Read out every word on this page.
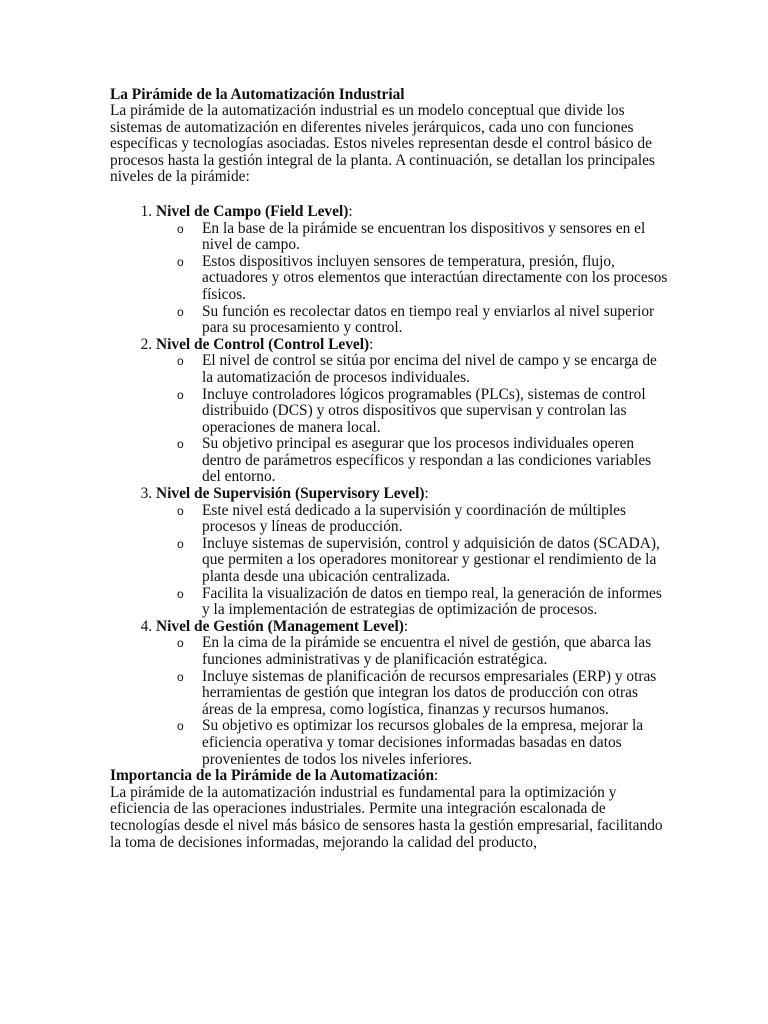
La Pirámide de la Automatización Industrial

La pirámide de la automatización industrial es un modelo conceptual que divide los sistemas de automatización en diferentes niveles jerárquicos, cada uno con funciones específicas y tecnologías asociadas. Estos niveles representan desde el control básico de procesos hasta la gestión integral de la planta. A continuación, se detallan los principales niveles de la pirámide:

1. Nivel de Campo (Field Level):
o En la base de la pirámide se encuentran los dispositivos y sensores en el nivel de campo.
o Estos dispositivos incluyen sensores de temperatura, presión, flujo, actuadores y otros elementos que interactúan directamente con los procesos físicos.
o Su función es recolectar datos en tiempo real y enviarlos al nivel superior para su procesamiento y control.
2. Nivel de Control (Control Level):
o El nivel de control se sitúa por encima del nivel de campo y se encarga de la automatización de procesos individuales.
o Incluye controladores lógicos programables (PLCs), sistemas de control distribuido (DCS) y otros dispositivos que supervisan y controlan las operaciones de manera local.
o Su objetivo principal es asegurar que los procesos individuales operen dentro de parámetros específicos y respondan a las condiciones variables del entorno.
3. Nivel de Supervisión (Supervisory Level):
o Este nivel está dedicado a la supervisión y coordinación de múltiples procesos y líneas de producción.
o Incluye sistemas de supervisión, control y adquisición de datos (SCADA), que permiten a los operadores monitorear y gestionar el rendimiento de la planta desde una ubicación centralizada.
o Facilita la visualización de datos en tiempo real, la generación de informes y la implementación de estrategias de optimización de procesos.
4. Nivel de Gestión (Management Level):
o En la cima de la pirámide se encuentra el nivel de gestión, que abarca las funciones administrativas y de planificación estratégica.
o Incluye sistemas de planificación de recursos empresariales (ERP) y otras herramientas de gestión que integran los datos de producción con otras áreas de la empresa, como logística, finanzas y recursos humanos.
o Su objetivo es optimizar los recursos globales de la empresa, mejorar la eficiencia operativa y tomar decisiones informadas basadas en datos provenientes de todos los niveles inferiores.

Importancia de la Pirámide de la Automatización:

La pirámide de la automatización industrial es fundamental para la optimización y eficiencia de las operaciones industriales. Permite una integración escalonada de tecnologías desde el nivel más básico de sensores hasta la gestión empresarial, facilitando la toma de decisiones informadas, mejorando la calidad del producto,
